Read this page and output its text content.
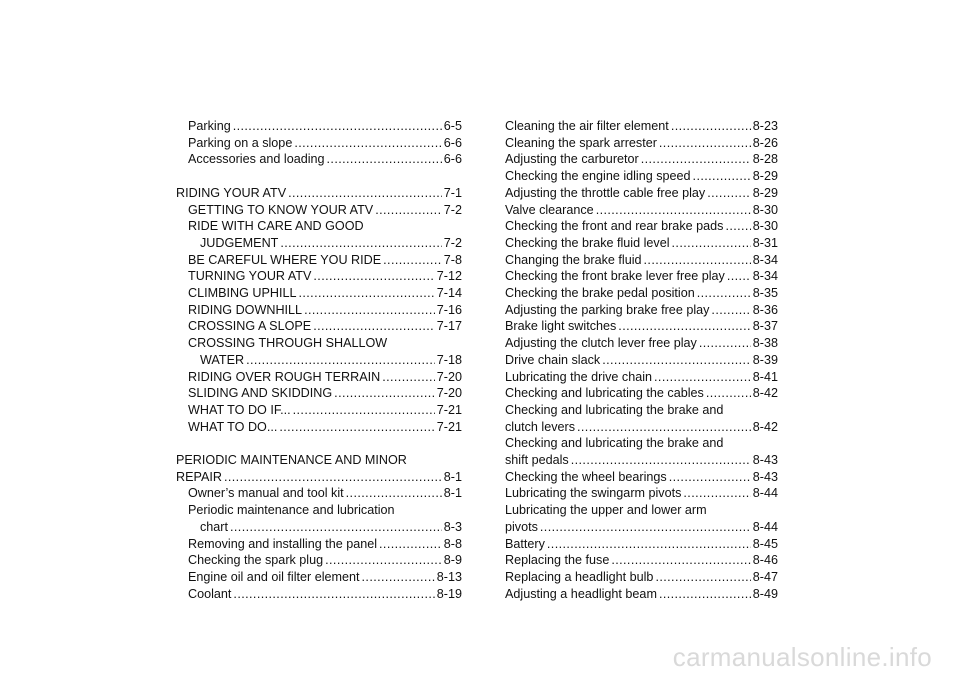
Parking .....	6-5
Parking on a slope .....	6-6
Accessories and loading .....	6-6
RIDING YOUR ATV .....	7-1
GETTING TO KNOW YOUR ATV .....	7-2
RIDE WITH CARE AND GOOD
JUDGEMENT .....	7-2
BE CAREFUL WHERE YOU RIDE .....	7-8
TURNING YOUR ATV .....	7-12
CLIMBING UPHILL .....	7-14
RIDING DOWNHILL .....	7-16
CROSSING A SLOPE .....	7-17
CROSSING THROUGH SHALLOW
WATER .....	7-18
RIDING OVER ROUGH TERRAIN .....	7-20
SLIDING AND SKIDDING .....	7-20
WHAT TO DO IF... .....	7-21
WHAT TO DO... .....	7-21
PERIODIC MAINTENANCE AND MINOR
REPAIR .....	8-1
Owner’s manual and tool kit .....	8-1
Periodic maintenance and lubrication
chart .....	8-3
Removing and installing the panel .....	8-8
Checking the spark plug .....	8-9
Engine oil and oil filter element .....	8-13
Coolant .....	8-19
Cleaning the air filter element .....	8-23
Cleaning the spark arrester .....	8-26
Adjusting the carburetor .....	8-28
Checking the engine idling speed .....	8-29
Adjusting the throttle cable free play .....	8-29
Valve clearance .....	8-30
Checking the front and rear brake pads ..... 8-30
Checking the brake fluid level .....	8-31
Changing the brake fluid .....	8-34
Checking the front brake lever free play ..... 8-34
Checking the brake pedal position .....	8-35
Adjusting the parking brake free play .....	8-36
Brake light switches .....	8-37
Adjusting the clutch lever free play .....	8-38
Drive chain slack .....	8-39
Lubricating the drive chain .....	8-41
Checking and lubricating the cables .....	8-42
Checking and lubricating the brake and
clutch levers .....	8-42
Checking and lubricating the brake and
shift pedals .....	8-43
Checking the wheel bearings .....	8-43
Lubricating the swingarm pivots .....	8-44
Lubricating the upper and lower arm
pivots .....	8-44
Battery .....	8-45
Replacing the fuse .....	8-46
Replacing a headlight bulb .....	8-47
Adjusting a headlight beam .....	8-49
carmanualsonline.info
